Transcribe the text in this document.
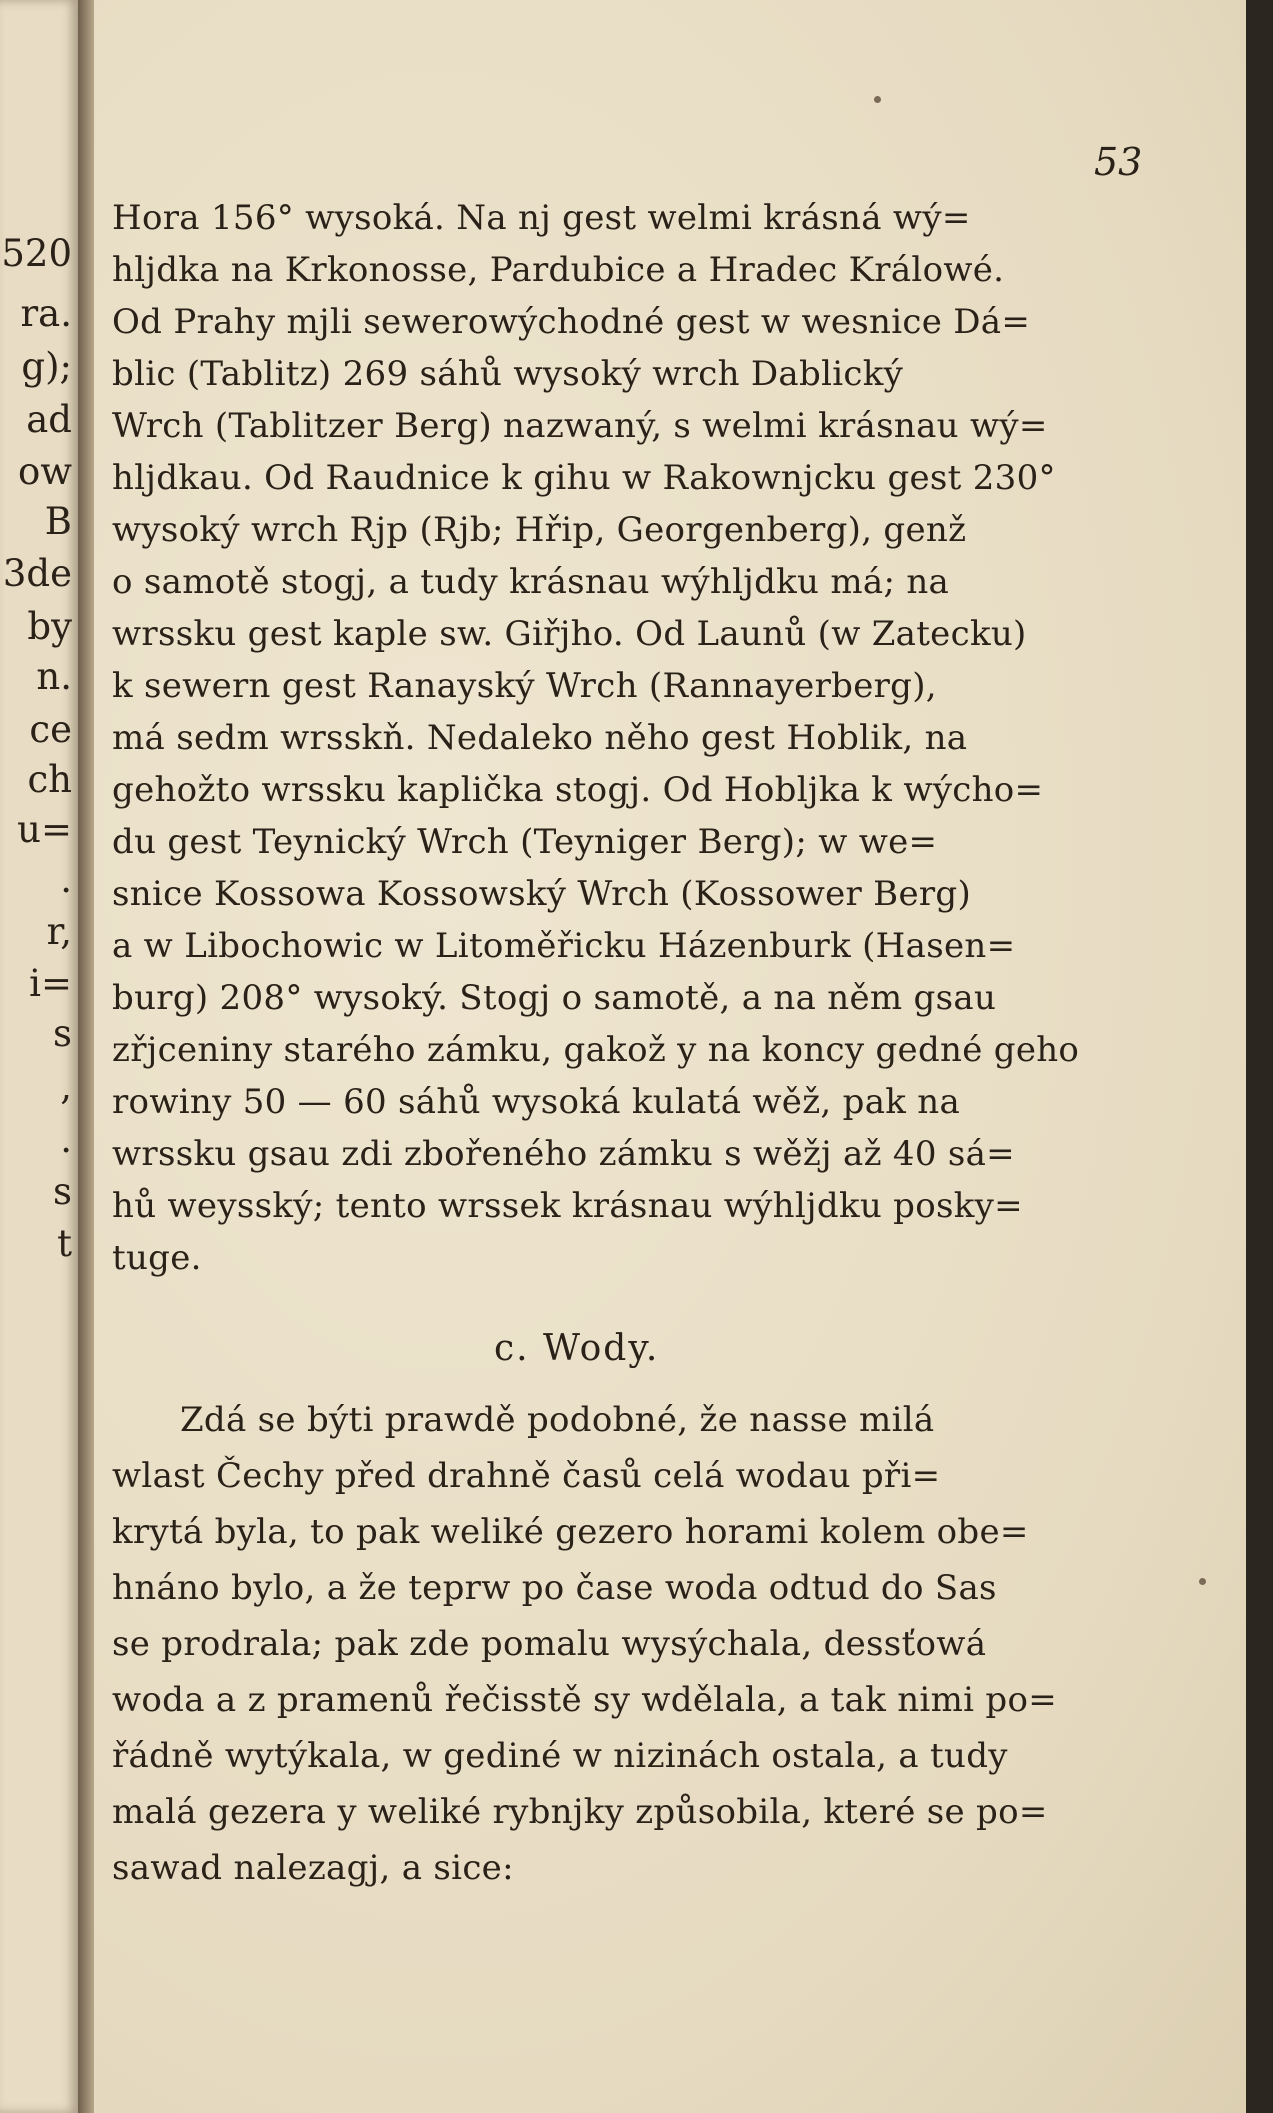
520
ra.
g);
ad
ow
B
3de
by
n.
ce
ch
u=
.
r,
i=
s
,
.
s
t
53
Hora 156° wysoká. Na nj gest welmi krásná wý=
hljdka na Krkonosse, Pardubice a Hradec Králowé.
Od Prahy mjli sewerowýchodné gest w wesnice Dá=
blic (Tablitz) 269 sáhů wysoký wrch Dablický
Wrch (Tablitzer Berg) nazwaný, s welmi krásnau wý=
hljdkau. Od Raudnice k gihu w Rakownjcku gest 230°
wysoký wrch Rjp (Rjb; Hřip, Georgenberg), genž
o samotě stogj, a tudy krásnau wýhljdku má; na
wrssku gest kaple sw. Giřjho. Od Launů (w Zatecku)
k sewern gest Ranayský Wrch (Rannayerberg),
má sedm wrsskň. Nedaleko něho gest Hoblik, na
gehožto wrssku kaplička stogj. Od Hobljka k wýcho=
du gest Teynický Wrch (Teyniger Berg); w we=
snice Kossowa Kossowský Wrch (Kossower Berg)
a w Libochowic w Litoměřicku Házenburk (Hasen=
burg) 208° wysoký. Stogj o samotě, a na něm gsau
zřjceniny starého zámku, gakož y na koncy gedné geho
rowiny 50 — 60 sáhů wysoká kulatá wěž, pak na
wrssku gsau zdi zbořeného zámku s wěžj až 40 sá=
hů weysský; tento wrssek krásnau wýhljdku posky=
tuge.
c. Wody.
Zdá se býti prawdě podobné, že nasse milá
wlast Čechy před drahně časů celá wodau při=
krytá byla, to pak weliké gezero horami kolem obe=
hnáno bylo, a že teprw po čase woda odtud do Sas
se prodrala; pak zde pomalu wysýchala, dessťowá
woda a z pramenů řečisstě sy wdělala, a tak nimi po=
řádně wytýkala, w gediné w nizinách ostala, a tudy
malá gezera y weliké rybnjky způsobila, které se po=
sawad nalezagj, a sice:
